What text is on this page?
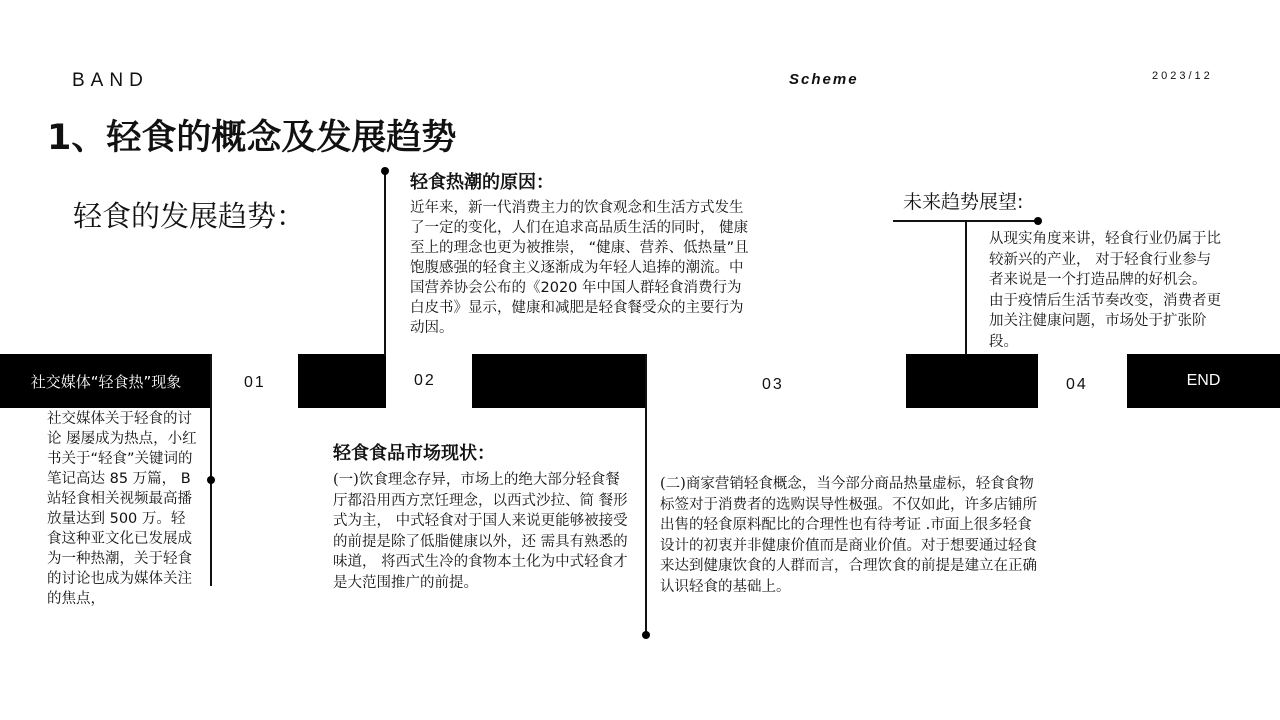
BAND	Scheme	2023/12
1、轻食的概念及发展趋势
轻食的发展趋势：
社交媒体“轻食热”现象	END
01	02	03	04
社交媒体关于轻食的讨论 屡屡成为热点，小红书关于“轻食”关键词的笔记高达 85 万篇， B 站轻食相关视频最高播放量达到 500 万。轻食这种亚文化已发展成为一种热潮，关于轻食的讨论也成为媒体关注的焦点，
轻食热潮的原因：
近年来，新一代消费主力的饮食观念和生活方式发生了一定的变化，人们在追求高品质生活的同时， 健康至上的理念也更为被推崇， “健康、营养、低热量”且饱腹感强的轻食主义逐渐成为年轻人追捧的潮流。中国营养协会公布的《2020 年中国人群轻食消费行为白皮书》显示，健康和减肥是轻食餐受众的主要行为动因。
轻食食品市场现状：
(一)饮食理念存异，市场上的绝大部分轻食餐厅都沿用西方烹饪理念，以西式沙拉、简 餐形式为主， 中式轻食对于国人来说更能够被接受的前提是除了低脂健康以外，还 需具有熟悉的味道， 将西式生冷的食物本土化为中式轻食才是大范围推广的前提。
(二)商家营销轻食概念，当今部分商品热量虚标，轻食食物标签对于消费者的选购误导性极强。不仅如此，许多店铺所出售的轻食原料配比的合理性也有待考证 .市面上很多轻食设计的初衷并非健康价值而是商业价值。对于想要通过轻食来达到健康饮食的人群而言，合理饮食的前提是建立在正确认识轻食的基础上。
未来趋势展望:
从现实角度来讲，轻食行业仍属于比较新兴的产业， 对于轻食行业参与者来说是一个打造品牌的好机会。 由于疫情后生活节奏改变，消费者更加关注健康问题，市场处于扩张阶段。
